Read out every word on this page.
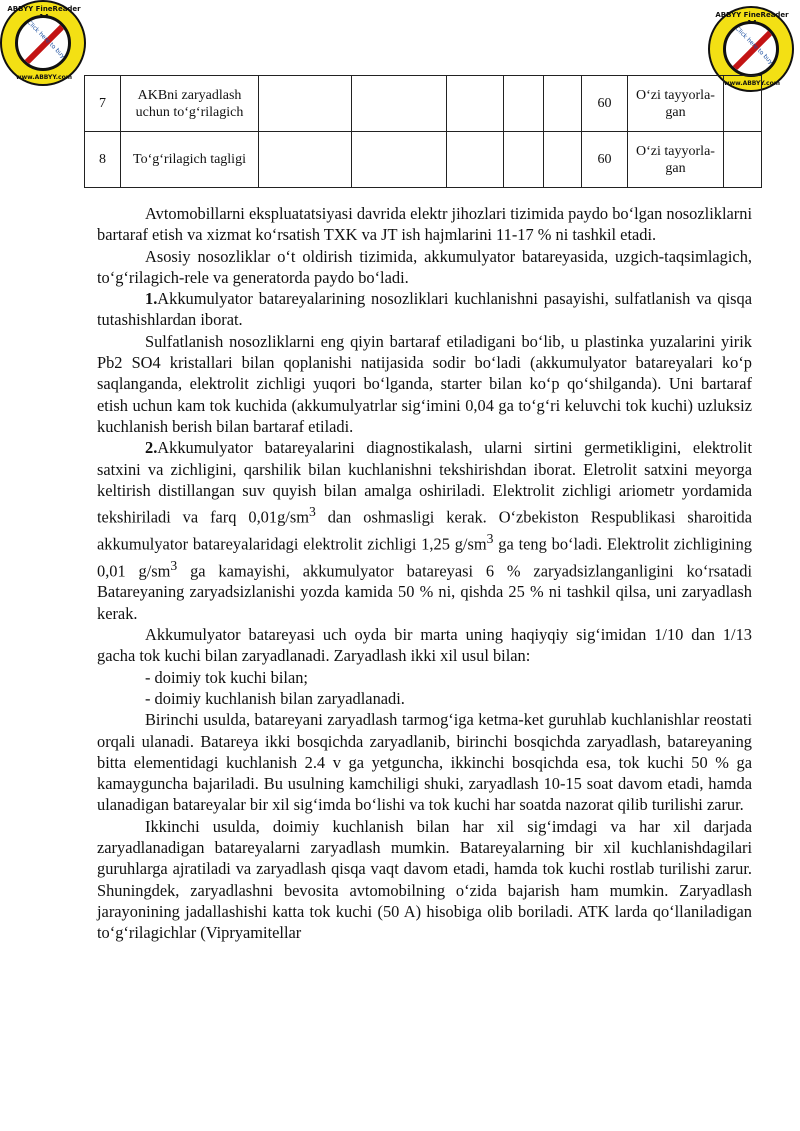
ABBYY FineReader
Click here to buy
www.ABBYY.com
ABBYY FineReader
Click here to buy
www.ABBYY.com
7	AKBni zaryadlash uchun to‘g‘rilagich						60	O‘zi tayyorla-gan	
8	To‘g‘rilagich tagligi						60	O‘zi tayyorla-gan	

Avtomobillarni ekspluatatsiyasi davrida elektr jihozlari tizimida paydo bo‘lgan nosozliklarni bartaraf etish va xizmat ko‘rsatish TXK va JT ish hajmlarini 11-17 % ni tashkil etadi.

Asosiy nosozliklar o‘t oldirish tizimida, akkumulyator batareyasida, uzgich-taqsimlagich, to‘g‘rilagich-rele va generatorda paydo bo‘ladi.

1.Akkumulyator batareyalarining nosozliklari kuchlanishni pasayishi, sulfatlanish va qisqa tutashishlardan iborat.

Sulfatlanish nosozliklarni eng qiyin bartaraf etiladigani bo‘lib, u plastinka yuzalarini yirik Pb2 SO4 kristallari bilan qoplanishi natijasida sodir bo‘ladi (akkumulyator batareyalari ko‘p saqlanganda, elektrolit zichligi yuqori bo‘lganda, starter bilan ko‘p qo‘shilganda). Uni bartaraf etish uchun kam tok kuchida (akkumulyatrlar sig‘imini 0,04 ga to‘g‘ri keluvchi tok kuchi) uzluksiz kuchlanish berish bilan bartaraf etiladi.

2.Akkumulyator batareyalarini diagnostikalash, ularni sirtini germetikligini, elektrolit satxini va zichligini, qarshilik bilan kuchlanishni tekshirishdan iborat. Eletrolit satxini meyorga keltirish distillangan suv quyish bilan amalga oshiriladi. Elektrolit zichligi ariometr yordamida tekshiriladi va farq $0,01g/sm^3$ dan oshmasligi kerak. O‘zbekiston Respublikasi sharoitida akkumulyator batareyalaridagi elektrolit zichligi 1,25 $g/sm^3$ ga teng bo‘ladi. Elektrolit zichligining 0,01 $g/sm^3$ ga kamayishi, akkumulyator batareyasi 6 % zaryadsizlanganligini ko‘rsatadi Batareyaning zaryadsizlanishi yozda kamida 50 % ni, qishda 25 % ni tashkil qilsa, uni zaryadlash kerak.

Akkumulyator batareyasi uch oyda bir marta uning haqiyqiy sig‘imidan 1/10 dan 1/13 gacha tok kuchi bilan zaryadlanadi. Zaryadlash ikki xil usul bilan:

- doimiy tok kuchi bilan;

- doimiy kuchlanish bilan zaryadlanadi.

Birinchi usulda, batareyani zaryadlash tarmog‘iga ketma-ket guruhlab kuchlanishlar reostati orqali ulanadi. Batareya ikki bosqichda zaryadlanib, birinchi bosqichda zaryadlash, batareyaning bitta elementidagi kuchlanish 2.4 v ga yetguncha, ikkinchi bosqichda esa, tok kuchi 50 % ga kamayguncha bajariladi. Bu usulning kamchiligi shuki, zaryadlash 10-15 soat davom etadi, hamda ulanadigan batareyalar bir xil sig‘imda bo‘lishi va tok kuchi har soatda nazorat qilib turilishi zarur.

Ikkinchi usulda, doimiy kuchlanish bilan har xil sig‘imdagi va har xil darjada zaryadlanadigan batareyalarni zaryadlash mumkin. Batareyalarning bir xil kuchlanishdagilari guruhlarga ajratiladi va zaryadlash qisqa vaqt davom etadi, hamda tok kuchi rostlab turilishi zarur. Shuningdek, zaryadlashni bevosita avtomobilning o‘zida bajarish ham mumkin. Zaryadlash jarayonining jadallashishi katta tok kuchi (50 A) hisobiga olib boriladi. ATK larda qo‘llaniladigan to‘g‘rilagichlar (Vipryamitellar
